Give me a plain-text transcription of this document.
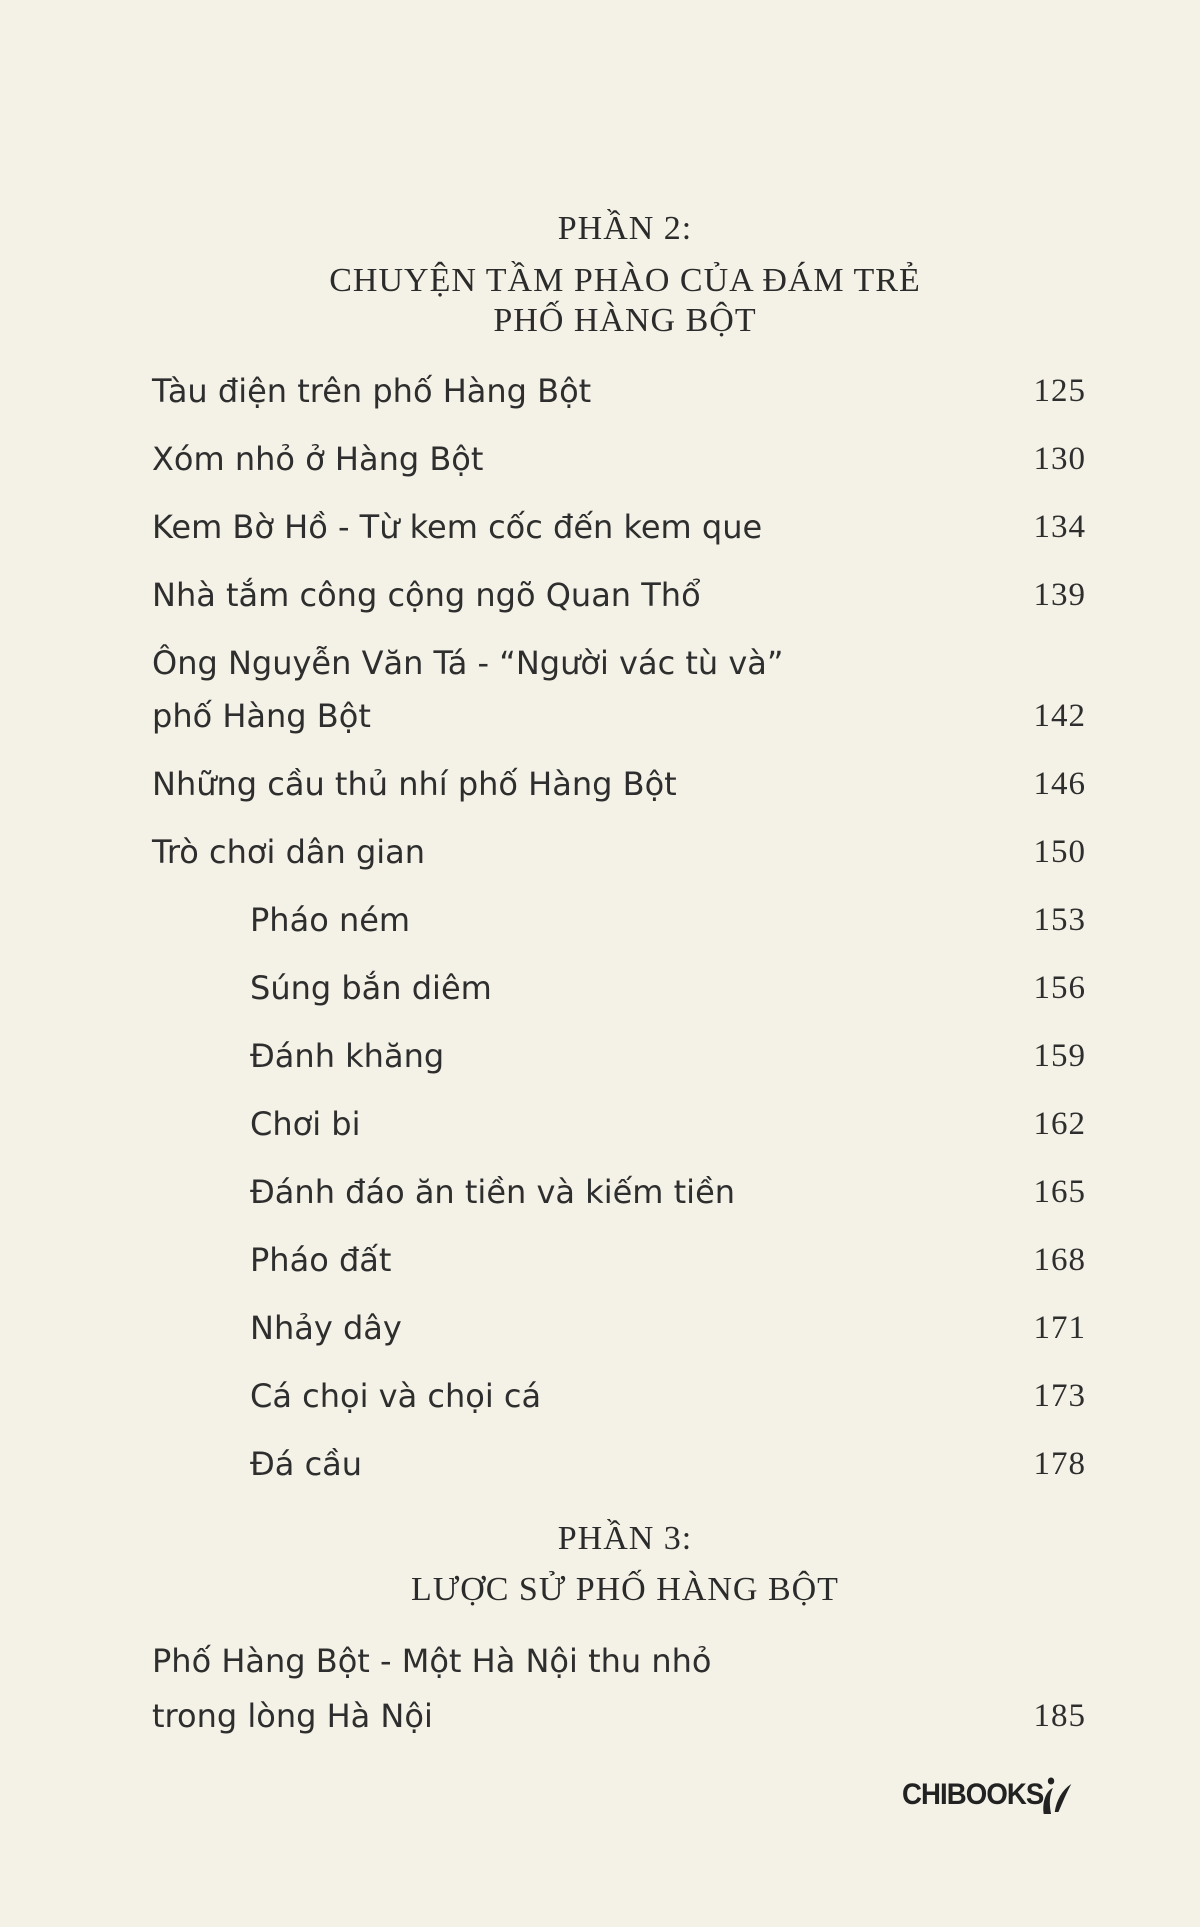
PHẦN 2:
CHUYỆN TẦM PHÀO CỦA ĐÁM TRẺ
PHỐ HÀNG BỘT
Tàu điện trên phố Hàng Bột	125
Xóm nhỏ ở Hàng Bột	130
Kem Bờ Hồ - Từ kem cốc đến kem que	134
Nhà tắm công cộng ngõ Quan Thổ	139
Ông Nguyễn Văn Tá - “Người vác tù và”
phố Hàng Bột	142
Những cầu thủ nhí phố Hàng Bột	146
Trò chơi dân gian	150
Pháo ném	153
Súng bắn diêm	156
Đánh khăng	159
Chơi bi	162
Đánh đáo ăn tiền và kiếm tiền	165
Pháo đất	168
Nhảy dây	171
Cá chọi và chọi cá	173
Đá cầu	178
PHẦN 3:
LƯỢC SỬ PHỐ HÀNG BỘT
Phố Hàng Bột - Một Hà Nội thu nhỏ
trong lòng Hà Nội	185
CHIBOOKS
